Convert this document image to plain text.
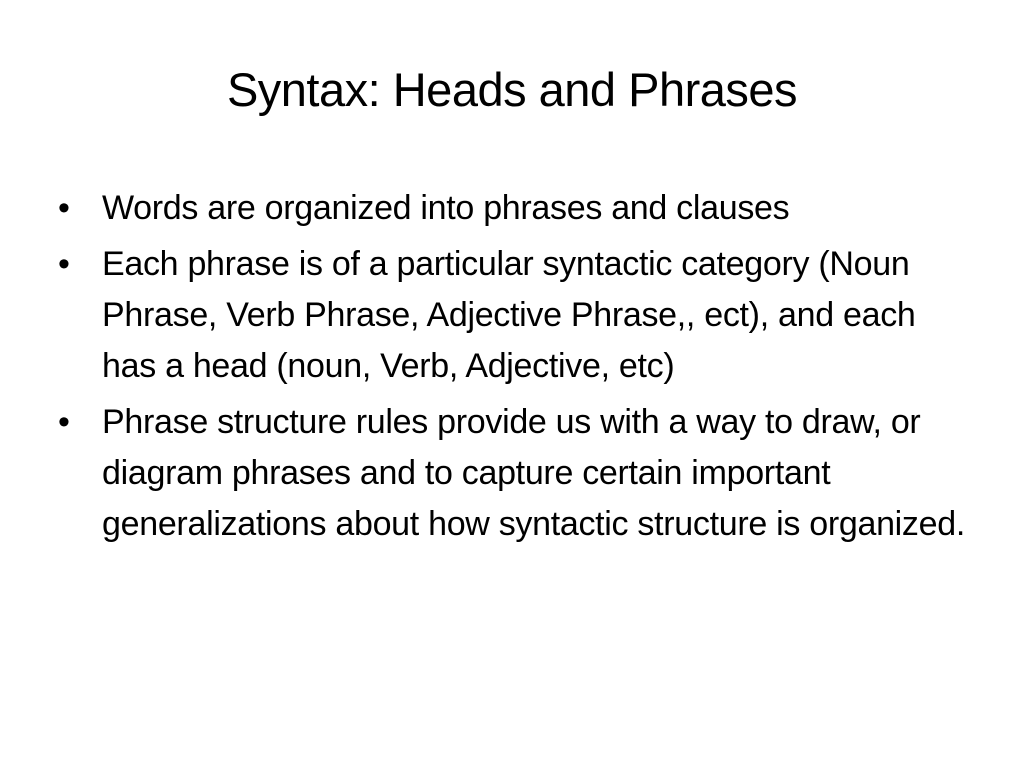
Syntax: Heads and Phrases
• Words are organized into phrases and clauses
• Each phrase is of a particular syntactic category (Noun Phrase, Verb Phrase, Adjective Phrase,, ect), and each has a head (noun, Verb, Adjective, etc)
• Phrase structure rules provide us with a way to draw, or diagram phrases and to capture certain important generalizations about how syntactic structure is organized.
